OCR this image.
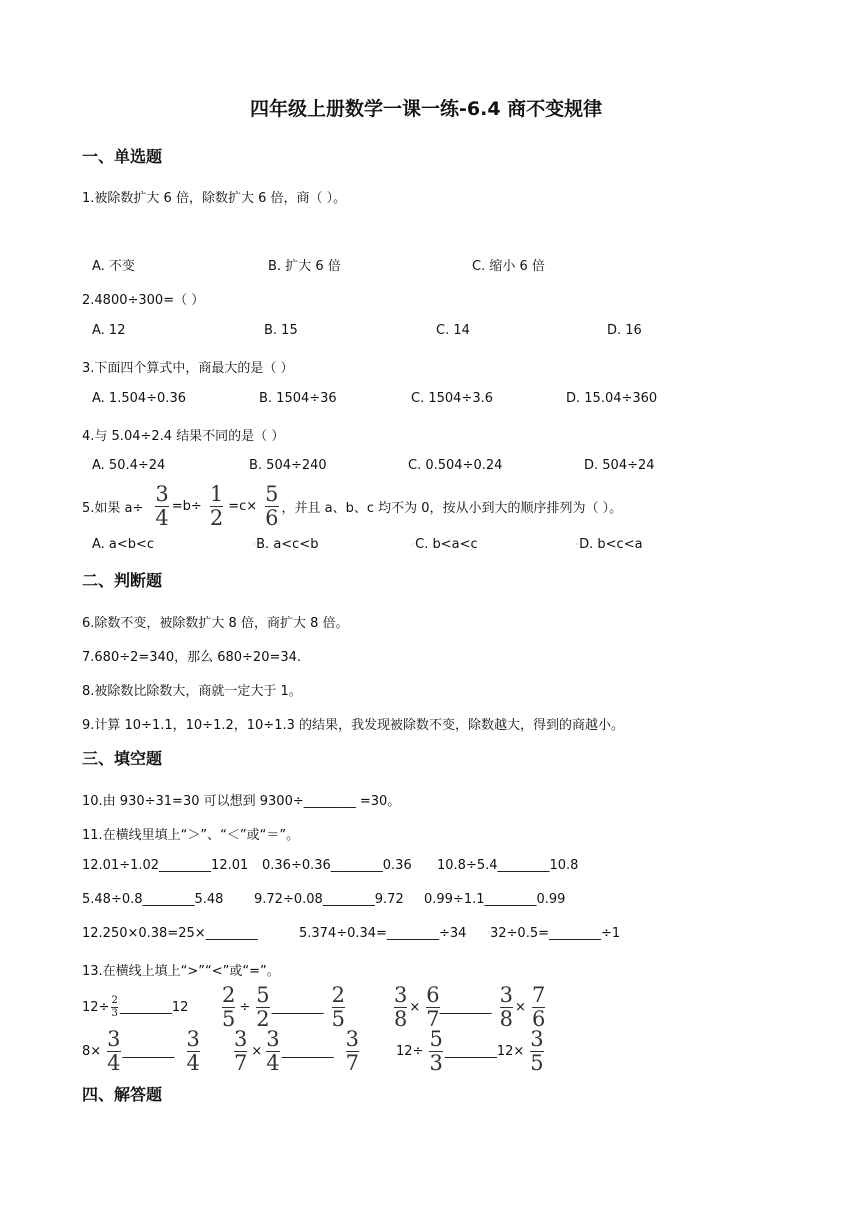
四年级上册数学一课一练-6.4 商不变规律
一、单选题
1.被除数扩大 6 倍，除数扩大 6 倍，商（ ）。
A. 不变	B. 扩大 6 倍	C. 缩小 6 倍
2.4800÷300=（ ）
A. 12	B. 15	C. 14	D. 16
3.下面四个算式中，商最大的是（ ）
A. 1.504÷0.36	B. 1504÷36	C. 1504÷3.6	D. 15.04÷360
4.与 5.04÷2.4 结果不同的是（ ）
A. 50.4÷24	B. 504÷240	C. 0.504÷0.24	D. 504÷24
5.如果 $a\div \frac{3}{4} =b\div \frac{1}{2} =c\times \frac{5}{6}$ ，并且 a、b、c 均不为 0，按从小到大的顺序排列为（ ）。
A. a<b<c	◦B. a<c<b	◦C. b<a<c	◦D. b<c<a
二、判断题
6.除数不变，被除数扩大 8 倍，商扩大 8 倍。
7.680÷2=340，那么 680÷20=34.
8.被除数比除数大，商就一定大于 1。
9.计算 10÷1.1，10÷1.2，10÷1.3 的结果，我发现被除数不变，除数越大，得到的商越小。
三、填空题
10.由 930÷31=30 可以想到 9300÷________ =30。
11.在横线里填上“＞”、“＜”或“＝”。
12.01÷1.02________12.01 0.36÷0.36________0.36 10.8÷5.4________10.8
5.48÷0.8________5.48 9.72÷0.08________9.72 0.99÷1.1________0.99
12.250×0.38=25×________	5.374÷0.34=________÷34 32÷0.5=________÷1
13.在横线上填上“>”“<”或“=”。
$12\div \frac{2}{3}$ ________12 $\frac{2}{5} \div \frac{5}{2}$ ________ $\frac{2}{5} \frac{3}{8} \times \frac{6}{7}$ ________ $\frac{3}{8} \times \frac{7}{6}$
$8\times \frac{3}{4}$ ________ $\frac{3}{4} \frac{3}{7} \times \frac{3}{4}$ ________ $\frac{3}{7}$	$12\div \frac{5}{3}$ ________12× $\frac{3}{5}$
四、解答题
